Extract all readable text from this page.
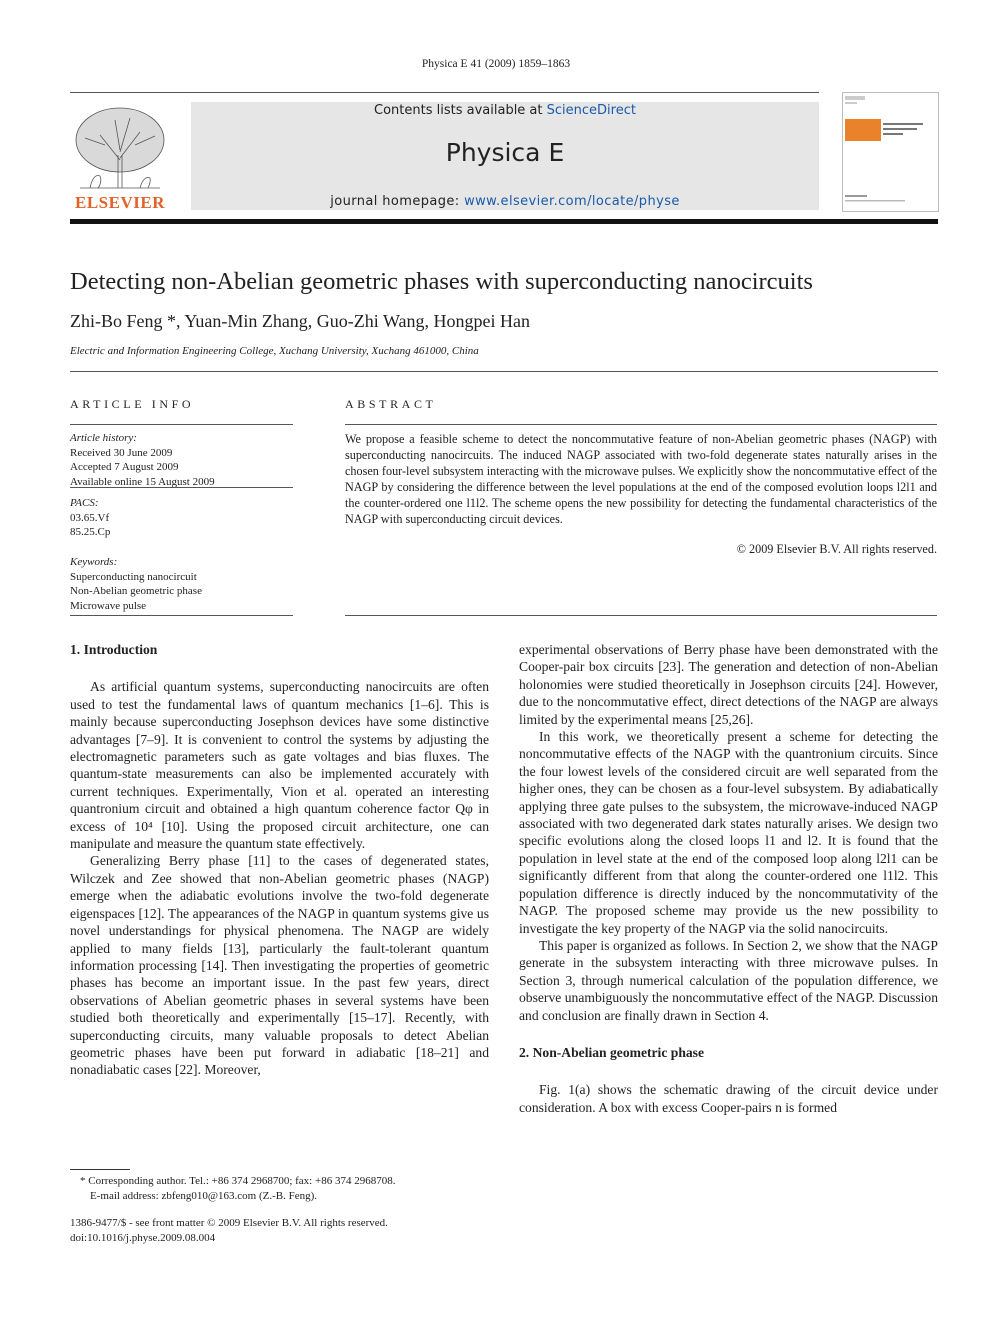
Physica E 41 (2009) 1859–1863
Contents lists available at ScienceDirect
Physica E
journal homepage: www.elsevier.com/locate/physe
ELSEVIER
Detecting non-Abelian geometric phases with superconducting nanocircuits
Zhi-Bo Feng *, Yuan-Min Zhang, Guo-Zhi Wang, Hongpei Han
Electric and Information Engineering College, Xuchang University, Xuchang 461000, China
ARTICLE INFO
Article history:
Received 30 June 2009
Accepted 7 August 2009
Available online 15 August 2009
PACS:
03.65.Vf
85.25.Cp
Keywords:
Superconducting nanocircuit
Non-Abelian geometric phase
Microwave pulse
ABSTRACT
We propose a feasible scheme to detect the noncommutative feature of non-Abelian geometric phases (NAGP) with superconducting nanocircuits. The induced NAGP associated with two-fold degenerate states naturally arises in the chosen four-level subsystem interacting with the microwave pulses. We explicitly show the noncommutative effect of the NAGP by considering the difference between the level populations at the end of the composed evolution loops l2l1 and the counter-ordered one l1l2. The scheme opens the new possibility for detecting the fundamental characteristics of the NAGP with superconducting circuit devices.
© 2009 Elsevier B.V. All rights reserved.
1. Introduction

As artificial quantum systems, superconducting nanocircuits are often used to test the fundamental laws of quantum mechanics [1–6]. This is mainly because superconducting Josephson devices have some distinctive advantages [7–9]. It is convenient to control the systems by adjusting the electromagnetic parameters such as gate voltages and bias fluxes. The quantum-state measurements can also be implemented accurately with current techniques. Experimentally, Vion et al. operated an interesting quantronium circuit and obtained a high quantum coherence factor Qφ in excess of 10⁴ [10]. Using the proposed circuit architecture, one can manipulate and measure the quantum state effectively.

Generalizing Berry phase [11] to the cases of degenerated states, Wilczek and Zee showed that non-Abelian geometric phases (NAGP) emerge when the adiabatic evolutions involve the two-fold degenerate eigenspaces [12]. The appearances of the NAGP in quantum systems give us novel understandings for physical phenomena. The NAGP are widely applied to many fields [13], particularly the fault-tolerant quantum information processing [14]. Then investigating the properties of geometric phases has become an important issue. In the past few years, direct observations of Abelian geometric phases in several systems have been studied both theoretically and experimentally [15–17]. Recently, with superconducting circuits, many valuable proposals to detect Abelian geometric phases have been put forward in adiabatic [18–21] and nonadiabatic cases [22]. Moreover,

experimental observations of Berry phase have been demonstrated with the Cooper-pair box circuits [23]. The generation and detection of non-Abelian holonomies were studied theoretically in Josephson circuits [24]. However, due to the noncommutative effect, direct detections of the NAGP are always limited by the experimental means [25,26].

In this work, we theoretically present a scheme for detecting the noncommutative effects of the NAGP with the quantronium circuits. Since the four lowest levels of the considered circuit are well separated from the higher ones, they can be chosen as a four-level subsystem. By adiabatically applying three gate pulses to the subsystem, the microwave-induced NAGP associated with two degenerated dark states naturally arises. We design two specific evolutions along the closed loops l1 and l2. It is found that the population in level state at the end of the composed loop along l2l1 can be significantly different from that along the counter-ordered one l1l2. This population difference is directly induced by the noncommutativity of the NAGP. The proposed scheme may provide us the new possibility to investigate the key property of the NAGP via the solid nanocircuits.

This paper is organized as follows. In Section 2, we show that the NAGP generate in the subsystem interacting with three microwave pulses. In Section 3, through numerical calculation of the population difference, we observe unambiguously the noncommutative effect of the NAGP. Discussion and conclusion are finally drawn in Section 4.

2. Non-Abelian geometric phase

Fig. 1(a) shows the schematic drawing of the circuit device under consideration. A box with excess Cooper-pairs n is formed

* Corresponding author. Tel.: +86 374 2968700; fax: +86 374 2968708.
E-mail address: zbfeng010@163.com (Z.-B. Feng).
1386-9477/$ - see front matter © 2009 Elsevier B.V. All rights reserved.
doi:10.1016/j.physe.2009.08.004
